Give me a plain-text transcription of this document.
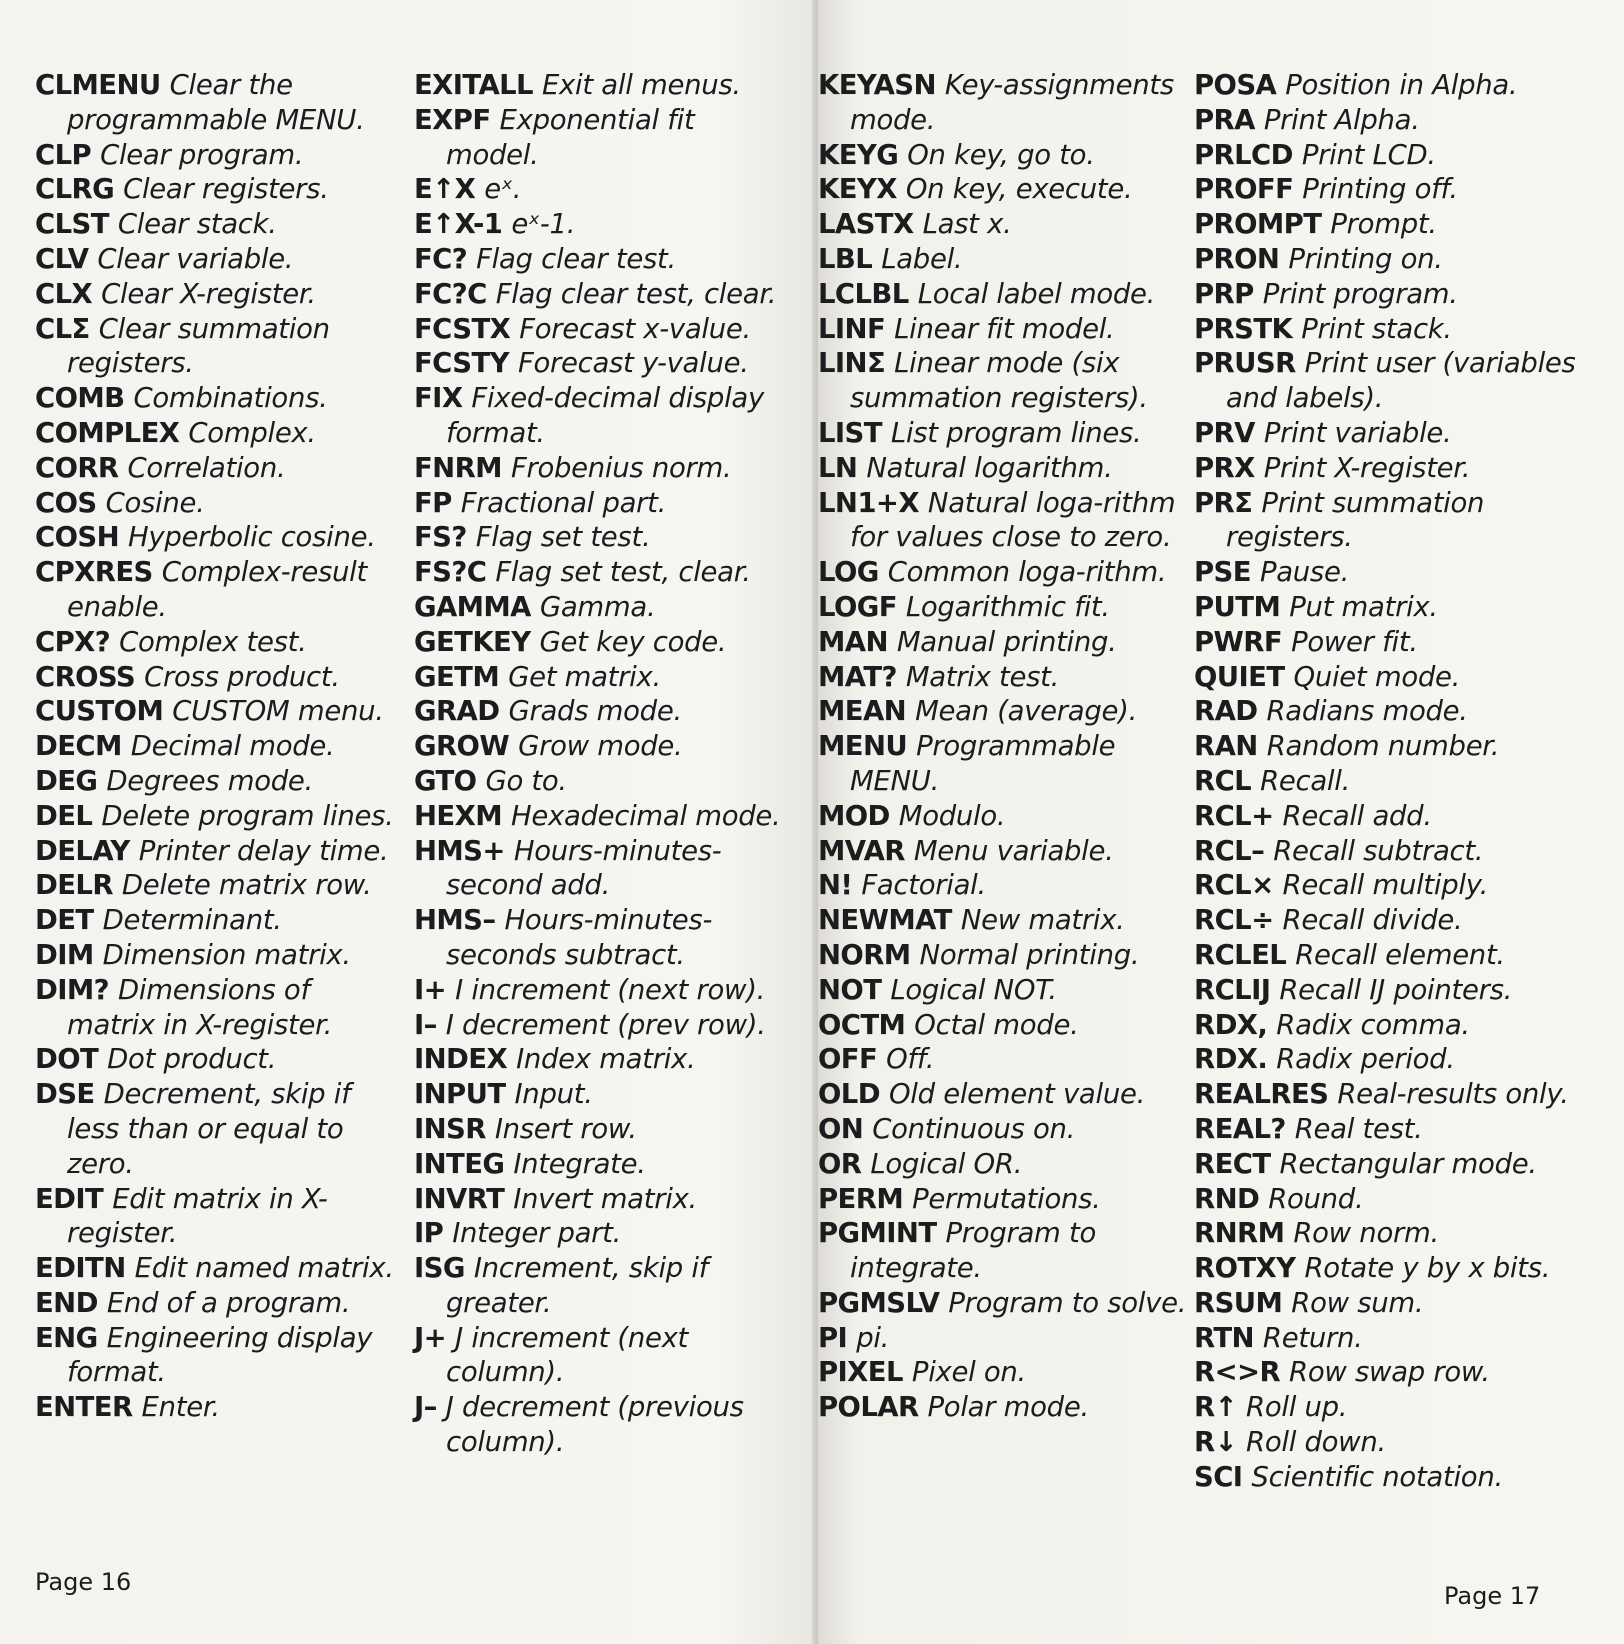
CLMENU Clear the programmable MENU.

CLP Clear program.

CLRG Clear registers.

CLST Clear stack.

CLV Clear variable.

CLX Clear X-register.

CLΣ Clear summation registers.

COMB Combinations.

COMPLEX Complex.

CORR Correlation.

COS Cosine.

COSH Hyperbolic cosine.

CPXRES Complex-result enable.

CPX? Complex test.

CROSS Cross product.

CUSTOM CUSTOM menu.

DECM Decimal mode.

DEG Degrees mode.

DEL Delete program lines.

DELAY Printer delay time.

DELR Delete matrix row.

DET Determinant.

DIM Dimension matrix.

DIM? Dimensions of matrix in X-register.

DOT Dot product.

DSE Decrement, skip if less than or equal to zero.

EDIT Edit matrix in X-register.

EDITN Edit named matrix.

END End of a program.

ENG Engineering display format.

ENTER Enter.

EXITALL Exit all menus.

EXPF Exponential fit model.

E↑X eˣ.

E↑X-1 eˣ-1.

FC? Flag clear test.

FC?C Flag clear test, clear.

FCSTX Forecast x-value.

FCSTY Forecast y-value.

FIX Fixed-decimal display format.

FNRM Frobenius norm.

FP Fractional part.

FS? Flag set test.

FS?C Flag set test, clear.

GAMMA Gamma.

GETKEY Get key code.

GETM Get matrix.

GRAD Grads mode.

GROW Grow mode.

GTO Go to.

HEXM Hexadecimal mode.

HMS+ Hours-minutes-second add.

HMS– Hours-minutes-seconds subtract.

I+ I increment (next row).

I– I decrement (prev row).

INDEX Index matrix.

INPUT Input.

INSR Insert row.

INTEG Integrate.

INVRT Invert matrix.

IP Integer part.

ISG Increment, skip if greater.

J+ J increment (next column).

J– J decrement (previous column).

Page 16

KEYASN Key-assignments mode.

KEYG On key, go to.

KEYX On key, execute.

LASTX Last x.

LBL Label.

LCLBL Local label mode.

LINF Linear fit model.

LINΣ Linear mode (six summation registers).

LIST List program lines.

LN Natural logarithm.

LN1+X Natural loga-rithm for values close to zero.

LOG Common loga-rithm.

LOGF Logarithmic fit.

MAN Manual printing.

MAT? Matrix test.

MEAN Mean (average).

MENU Programmable MENU.

MOD Modulo.

MVAR Menu variable.

N! Factorial.

NEWMAT New matrix.

NORM Normal printing.

NOT Logical NOT.

OCTM Octal mode.

OFF Off.

OLD Old element value.

ON Continuous on.

OR Logical OR.

PERM Permutations.

PGMINT Program to integrate.

PGMSLV Program to solve.

PI pi.

PIXEL Pixel on.

POLAR Polar mode.

POSA Position in Alpha.

PRA Print Alpha.

PRLCD Print LCD.

PROFF Printing off.

PROMPT Prompt.

PRON Printing on.

PRP Print program.

PRSTK Print stack.

PRUSR Print user (variables and labels).

PRV Print variable.

PRX Print X-register.

PRΣ Print summation registers.

PSE Pause.

PUTM Put matrix.

PWRF Power fit.

QUIET Quiet mode.

RAD Radians mode.

RAN Random number.

RCL Recall.

RCL+ Recall add.

RCL– Recall subtract.

RCL× Recall multiply.

RCL÷ Recall divide.

RCLEL Recall element.

RCLIJ Recall IJ pointers.

RDX, Radix comma.

RDX. Radix period.

REALRES Real-results only.

REAL? Real test.

RECT Rectangular mode.

RND Round.

RNRM Row norm.

ROTXY Rotate y by x bits.

RSUM Row sum.

RTN Return.

R<>R Row swap row.

R↑ Roll up.

R↓ Roll down.

SCI Scientific notation.

Page 17
